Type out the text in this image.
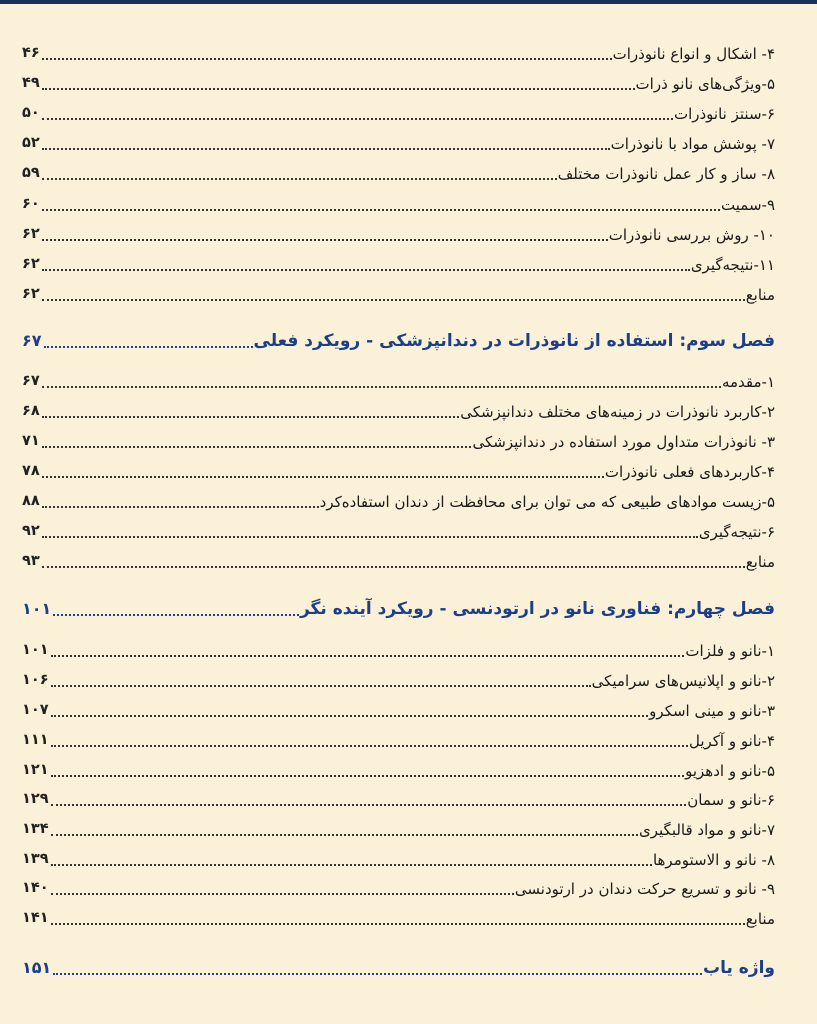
۴۶	۴- اشکال و انواع نانوذرات
۴۹	۵-ویژگی‌های نانو ذرات
۵۰	۶-سنتز نانوذرات
۵۲	۷- پوشش مواد با نانوذرات
۵۹	۸- ساز و کار عمل نانوذرات مختلف
۶۰	۹-سمیت
۶۲	۱۰- روش بررسی نانوذرات
۶۲	۱۱-نتیجه‌گیری
۶۲	منابع
۶۷	فصل سوم: استفاده از نانوذرات در دندانپزشکی - رویکرد فعلی
۶۷	۱-مقدمه
۶۸	۲-کاربرد نانوذرات در زمینه‌های مختلف دندانپزشکی
۷۱	۳- نانوذرات متداول مورد استفاده در دندانپزشکی
۷۸	۴-کاربردهای فعلی نانوذرات
۸۸	۵-زیست موادهای طبیعی که می توان برای محافظت از دندان استفاده‌کرد
۹۲	۶-نتیجه‌گیری
۹۳	منابع
۱۰۱	فصل چهارم: فناوری نانو در ارتودنسی - رویکرد آینده نگر
۱۰۱	۱-نانو و فلزات
۱۰۶	۲-نانو و اپلانیس‌های سرامیکی
۱۰۷	۳-نانو و مینی اسکرو
۱۱۱	۴-نانو و آکریل
۱۲۱	۵-نانو و ادهزیو
۱۲۹	۶-نانو و سمان
۱۳۴	۷-نانو و مواد قالبگیری
۱۳۹	۸- نانو و الاستومرها
۱۴۰	۹- نانو و تسریع حرکت دندان در ارتودنسی
۱۴۱	منابع
۱۵۱	واژه یاب
